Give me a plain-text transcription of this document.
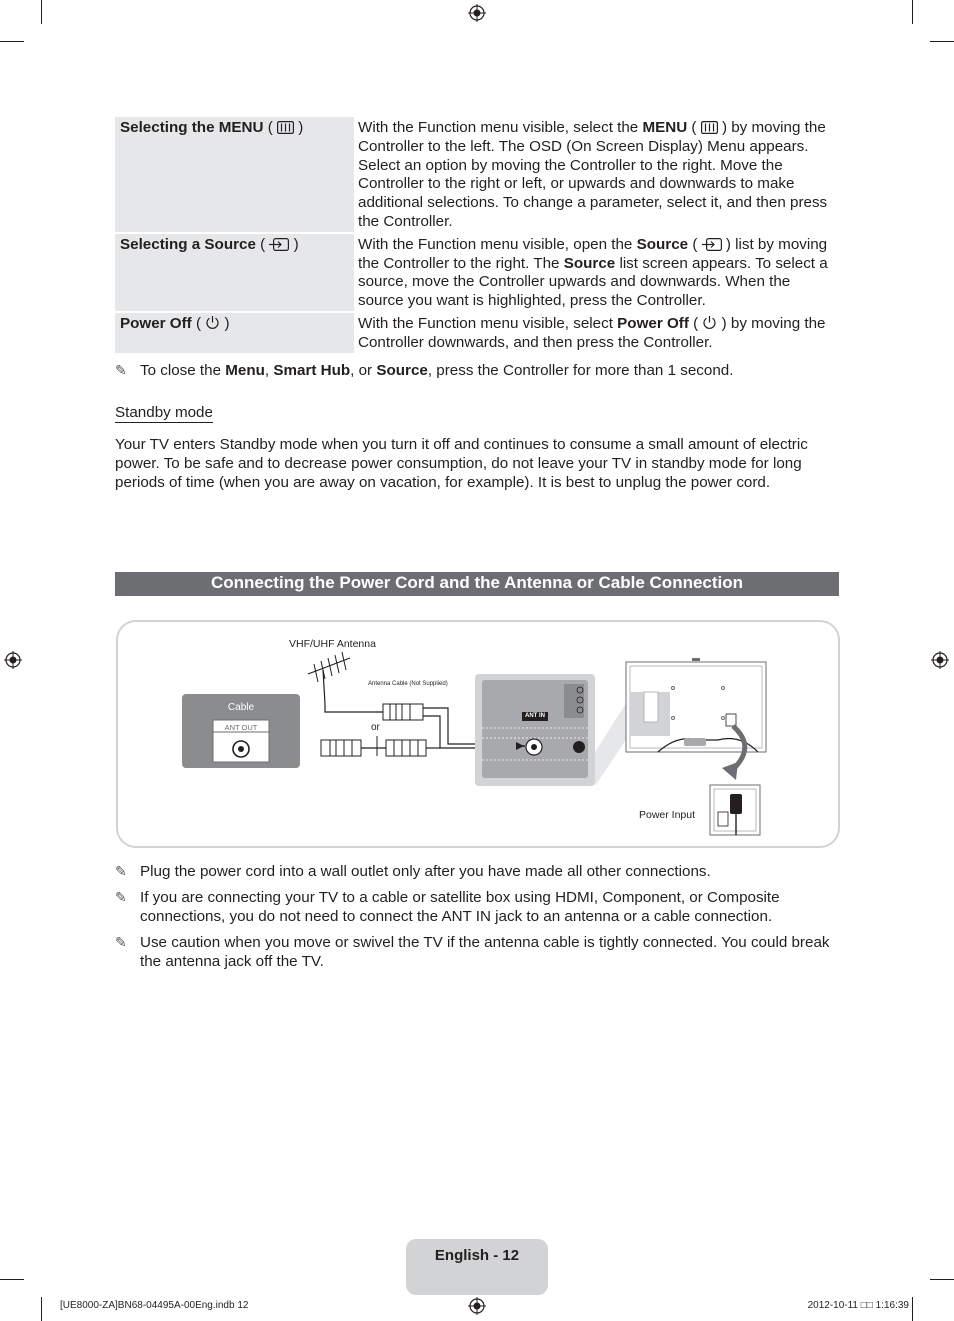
Selecting the MENU ( )	With the Function menu visible, select the MENU ( ) by moving the Controller to the left. The OSD (On Screen Display) Menu appears. Select an option by moving the Controller to the right. Move the Controller to the right or left, or upwards and downwards to make additional selections. To change a parameter, select it, and then press the Controller.
Selecting a Source ( )	With the Function menu visible, open the Source ( ) list by moving the Controller to the right. The Source list screen appears. To select a source, move the Controller upwards and downwards. When the source you want is highlighted, press the Controller.
Power Off ( )	With the Function menu visible, select Power Off ( ) by moving the Controller downwards, and then press the Controller.
✎ To close the Menu, Smart Hub, or Source, press the Controller for more than 1 second.
Standby mode
Your TV enters Standby mode when you turn it off and continues to consume a small amount of electric power. To be safe and to decrease power consumption, do not leave your TV in standby mode for long periods of time (when you are away on vacation, for example). It is best to unplug the power cord.
Connecting the Power Cord and the Antenna or Cable Connection
VHF/UHF Antenna
Antenna Cable (Not Supplied)
or
Cable
ANT OUT
ANT IN
Power Input
✎ Plug the power cord into a wall outlet only after you have made all other connections.
✎ If you are connecting your TV to a cable or satellite box using HDMI, Component, or Composite connections, you do not need to connect the ANT IN jack to an antenna or a cable connection.
✎ Use caution when you move or swivel the TV if the antenna cable is tightly connected. You could break the antenna jack off the TV.
English - 12
[UE8000-ZA]BN68-04495A-00Eng.indb 12	2012-10-11 □□ 1:16:39
